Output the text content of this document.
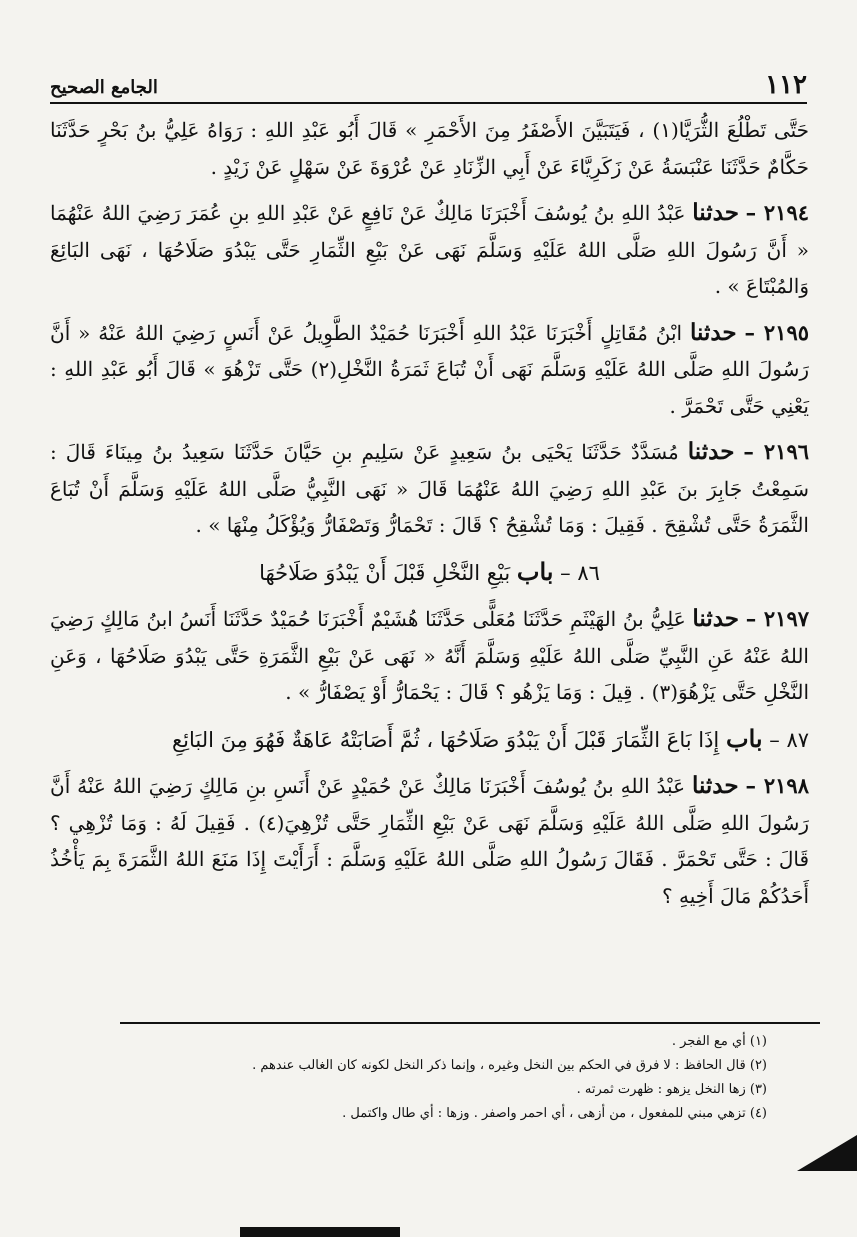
١١٢
الجامع الصحيح

حَتَّى تَطْلُعَ الثُّرَيَّا(١) ، فَيَتَبَيَّنَ الأَصْفَرُ مِنَ الأَحْمَرِ » قَالَ أَبُو عَبْدِ اللهِ : رَوَاهُ عَلِيُّ بنُ بَحْرٍ حَدَّثَنَا حَكَّامٌ حَدَّثَنَا عَنْبَسَةُ عَنْ زَكَرِيَّاءَ عَنْ أَبِي الزِّنَادِ عَنْ عُرْوَةَ عَنْ سَهْلٍ عَنْ زَيْدٍ .

٢١٩٤ – حدثنا عَبْدُ اللهِ بنُ يُوسُفَ أَخْبَرَنَا مَالِكٌ عَنْ نَافِعٍ عَنْ عَبْدِ اللهِ بنِ عُمَرَ رَضِيَ اللهُ عَنْهُمَا « أَنَّ رَسُولَ اللهِ صَلَّى اللهُ عَلَيْهِ وَسَلَّمَ نَهَى عَنْ بَيْعِ الثِّمَارِ حَتَّى يَبْدُوَ صَلَاحُهَا ، نَهَى البَائِعَ وَالمُبْتَاعَ » .

٢١٩٥ – حدثنا ابْنُ مُقَاتِلٍ أَخْبَرَنَا عَبْدُ اللهِ أَخْبَرَنَا حُمَيْدٌ الطَّوِيلُ عَنْ أَنَسٍ رَضِيَ اللهُ عَنْهُ « أَنَّ رَسُولَ اللهِ صَلَّى اللهُ عَلَيْهِ وَسَلَّمَ نَهَى أَنْ تُبَاعَ ثَمَرَةُ النَّخْلِ(٢) حَتَّى تَزْهُوَ » قَالَ أَبُو عَبْدِ اللهِ : يَعْنِي حَتَّى تَحْمَرَّ .

٢١٩٦ – حدثنا مُسَدَّدٌ حَدَّثَنَا يَحْيَى بنُ سَعِيدٍ عَنْ سَلِيمِ بنِ حَيَّانَ حَدَّثَنَا سَعِيدُ بنُ مِينَاءَ قَالَ : سَمِعْتُ جَابِرَ بنَ عَبْدِ اللهِ رَضِيَ اللهُ عَنْهُمَا قَالَ « نَهَى النَّبِيُّ صَلَّى اللهُ عَلَيْهِ وَسَلَّمَ أَنْ تُبَاعَ الثَّمَرَةُ حَتَّى تُشْقِحَ . فَقِيلَ : وَمَا تُشْقِحُ ؟ قَالَ : تَحْمَارُّ وَتَصْفَارُّ وَيُؤْكَلُ مِنْهَا » .

٨٦ – باب بَيْعِ النَّخْلِ قَبْلَ أَنْ يَبْدُوَ صَلَاحُهَا

٢١٩٧ – حدثنا عَلِيُّ بنُ الهَيْثَمِ حَدَّثَنَا مُعَلًّى حَدَّثَنَا هُشَيْمٌ أَخْبَرَنَا حُمَيْدٌ حَدَّثَنَا أَنَسُ ابنُ مَالِكٍ رَضِيَ اللهُ عَنْهُ عَنِ النَّبِيِّ صَلَّى اللهُ عَلَيْهِ وَسَلَّمَ أَنَّهُ « نَهَى عَنْ بَيْعِ الثَّمَرَةِ حَتَّى يَبْدُوَ صَلَاحُهَا ، وَعَنِ النَّخْلِ حَتَّى يَزْهُوَ(٣) . قِيلَ : وَمَا يَزْهُو ؟ قَالَ : يَحْمَارُّ أَوْ يَصْفَارُّ » .

٨٧ – باب إِذَا بَاعَ الثِّمَارَ قَبْلَ أَنْ يَبْدُوَ صَلَاحُهَا ، ثُمَّ أَصَابَتْهُ عَاهَةٌ فَهُوَ مِنَ البَائِعِ

٢١٩٨ – حدثنا عَبْدُ اللهِ بنُ يُوسُفَ أَخْبَرَنَا مَالِكٌ عَنْ حُمَيْدٍ عَنْ أَنَسِ بنِ مَالِكٍ رَضِيَ اللهُ عَنْهُ أَنَّ رَسُولَ اللهِ صَلَّى اللهُ عَلَيْهِ وَسَلَّمَ نَهَى عَنْ بَيْعِ الثِّمَارِ حَتَّى تُزْهِيَ(٤) . فَقِيلَ لَهُ : وَمَا تُزْهِي ؟ قَالَ : حَتَّى تَحْمَرَّ . فَقَالَ رَسُولُ اللهِ صَلَّى اللهُ عَلَيْهِ وَسَلَّمَ : أَرَأَيْتَ إِذَا مَنَعَ اللهُ الثَّمَرَةَ بِمَ يَأْخُذُ أَحَدُكُمْ مَالَ أَخِيهِ ؟

(١) أي مع الفجر .

(٢) قال الحافظ : لا فرق في الحكم بين النخل وغيره ، وإنما ذكر النخل لكونه كان الغالب عندهم .

(٣) زها النخل يزهو : ظهرت ثمرته .

(٤) تزهي مبني للمفعول ، من أزهى ، أي احمر واصفر . وزها : أي طال واكتمل .
